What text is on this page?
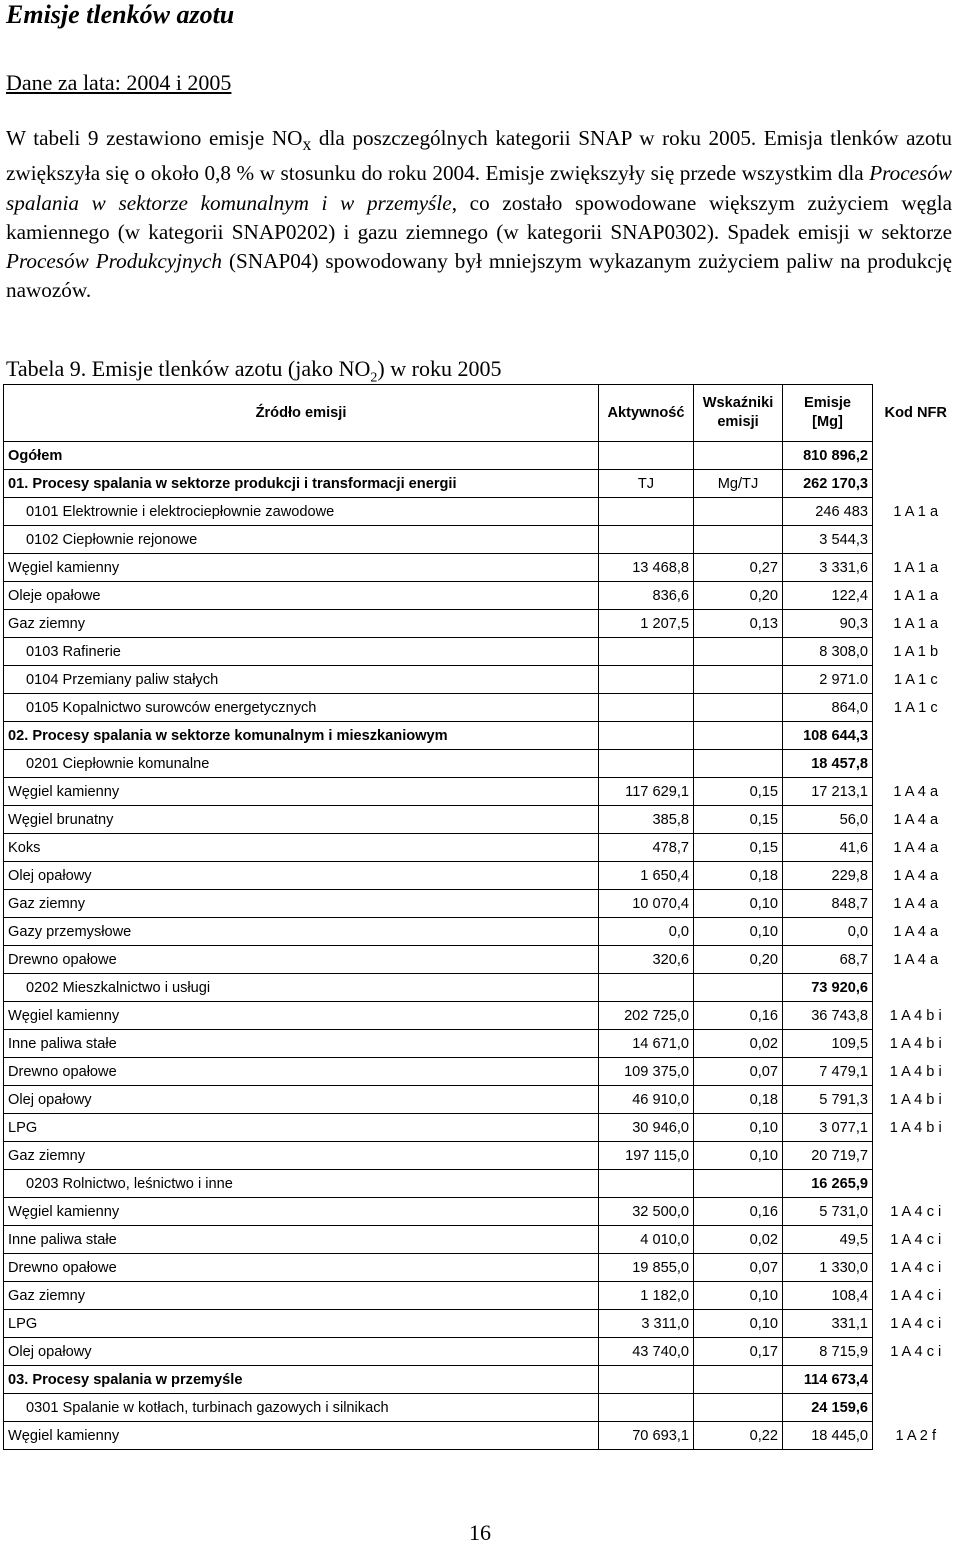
Emisje tlenków azotu
Dane za lata: 2004 i 2005

W tabeli 9 zestawiono emisje $NO_x$ dla poszczególnych kategorii SNAP w roku 2005. Emisja tlenków azotu zwiększyła się o około 0,8 % w stosunku do roku 2004. Emisje zwiększyły się przede wszystkim dla Procesów spalania w sektorze komunalnym i w przemyśle, co zostało spowodowane większym zużyciem węgla kamiennego (w kategorii SNAP0202) i gazu ziemnego (w kategorii SNAP0302). Spadek emisji w sektorze Procesów Produkcyjnych (SNAP04) spowodowany był mniejszym wykazanym zużyciem paliw na produkcję nawozów.

Tabela 9. Emisje tlenków azotu (jako $NO_2$) w roku 2005
Źródło emisji	Aktywność	Wskaźniki emisji	Emisje [Mg]	Kod NFR
Ogółem			810 896,2	
01. Procesy spalania w sektorze produkcji i transformacji energii	TJ	Mg/TJ	262 170,3	
0101 Elektrownie i elektrociepłownie zawodowe			246 483	1 A 1 a
0102 Ciepłownie rejonowe			3 544,3	
Węgiel kamienny	13 468,8	0,27	3 331,6	1 A 1 a
Oleje opałowe	836,6	0,20	122,4	1 A 1 a
Gaz ziemny	1 207,5	0,13	90,3	1 A 1 a
0103 Rafinerie			8 308,0	1 A 1 b
0104 Przemiany paliw stałych			2 971.0	1 A 1 c
0105 Kopalnictwo surowców energetycznych			864,0	1 A 1 c
02. Procesy spalania w sektorze komunalnym i mieszkaniowym			108 644,3	
0201 Ciepłownie komunalne			18 457,8	
Węgiel kamienny	117 629,1	0,15	17 213,1	1 A 4 a
Węgiel brunatny	385,8	0,15	56,0	1 A 4 a
Koks	478,7	0,15	41,6	1 A 4 a
Olej opałowy	1 650,4	0,18	229,8	1 A 4 a
Gaz ziemny	10 070,4	0,10	848,7	1 A 4 a
Gazy przemysłowe	0,0	0,10	0,0	1 A 4 a
Drewno opałowe	320,6	0,20	68,7	1 A 4 a
0202 Mieszkalnictwo i usługi			73 920,6	
Węgiel kamienny	202 725,0	0,16	36 743,8	1 A 4 b i
Inne paliwa stałe	14 671,0	0,02	109,5	1 A 4 b i
Drewno opałowe	109 375,0	0,07	7 479,1	1 A 4 b i
Olej opałowy	46 910,0	0,18	5 791,3	1 A 4 b i
LPG	30 946,0	0,10	3 077,1	1 A 4 b i
Gaz ziemny	197 115,0	0,10	20 719,7	
0203 Rolnictwo, leśnictwo i inne			16 265,9	
Węgiel kamienny	32 500,0	0,16	5 731,0	1 A 4 c i
Inne paliwa stałe	4 010,0	0,02	49,5	1 A 4 c i
Drewno opałowe	19 855,0	0,07	1 330,0	1 A 4 c i
Gaz ziemny	1 182,0	0,10	108,4	1 A 4 c i
LPG	3 311,0	0,10	331,1	1 A 4 c i
Olej opałowy	43 740,0	0,17	8 715,9	1 A 4 c i
03. Procesy spalania w przemyśle			114 673,4	
0301 Spalanie w kotłach, turbinach gazowych i silnikach			24 159,6	
Węgiel kamienny	70 693,1	0,22	18 445,0	1 A 2 f
16
